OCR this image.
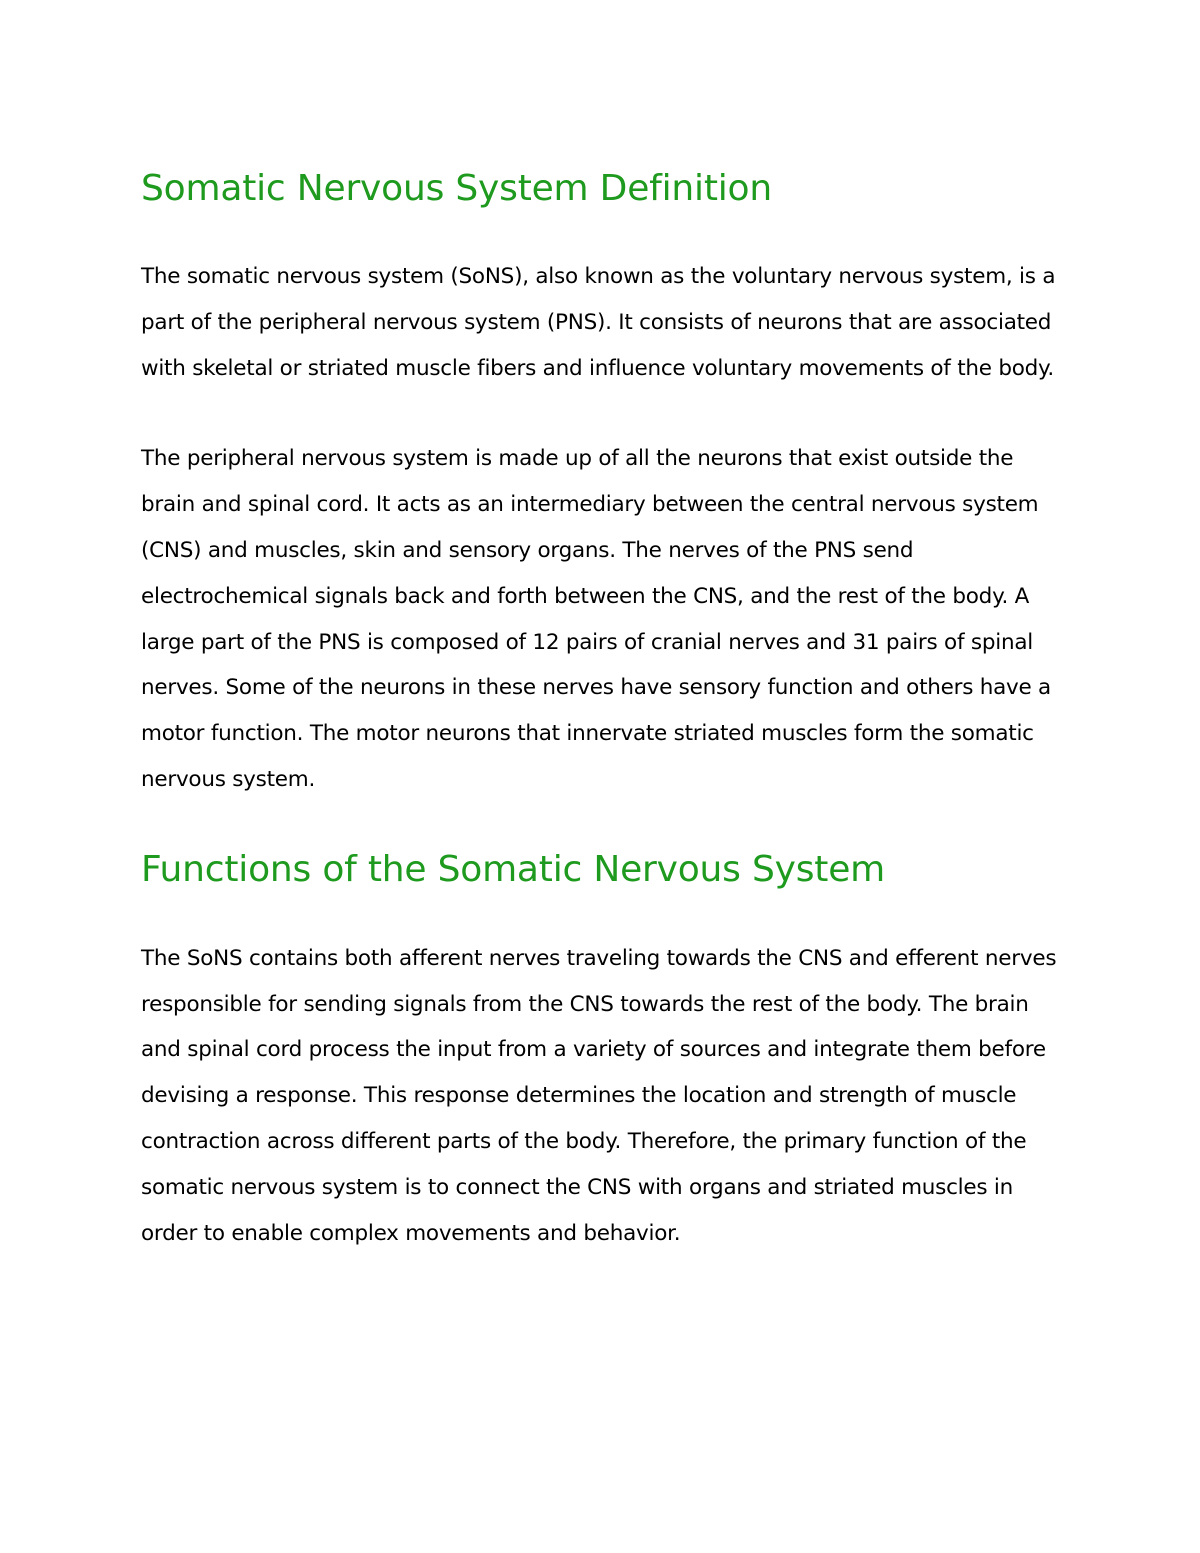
Somatic Nervous System Definition

The somatic nervous system (SoNS), also known as the voluntary nervous system, is a part of the peripheral nervous system (PNS). It consists of neurons that are associated with skeletal or striated muscle fibers and influence voluntary movements of the body.

The peripheral nervous system is made up of all the neurons that exist outside the brain and spinal cord. It acts as an intermediary between the central nervous system (CNS) and muscles, skin and sensory organs. The nerves of the PNS send electrochemical signals back and forth between the CNS, and the rest of the body. A large part of the PNS is composed of 12 pairs of cranial nerves and 31 pairs of spinal nerves. Some of the neurons in these nerves have sensory function and others have a motor function. The motor neurons that innervate striated muscles form the somatic nervous system.

Functions of the Somatic Nervous System

The SoNS contains both afferent nerves traveling towards the CNS and efferent nerves responsible for sending signals from the CNS towards the rest of the body. The brain and spinal cord process the input from a variety of sources and integrate them before devising a response. This response determines the location and strength of muscle contraction across different parts of the body. Therefore, the primary function of the somatic nervous system is to connect the CNS with organs and striated muscles in order to enable complex movements and behavior.
